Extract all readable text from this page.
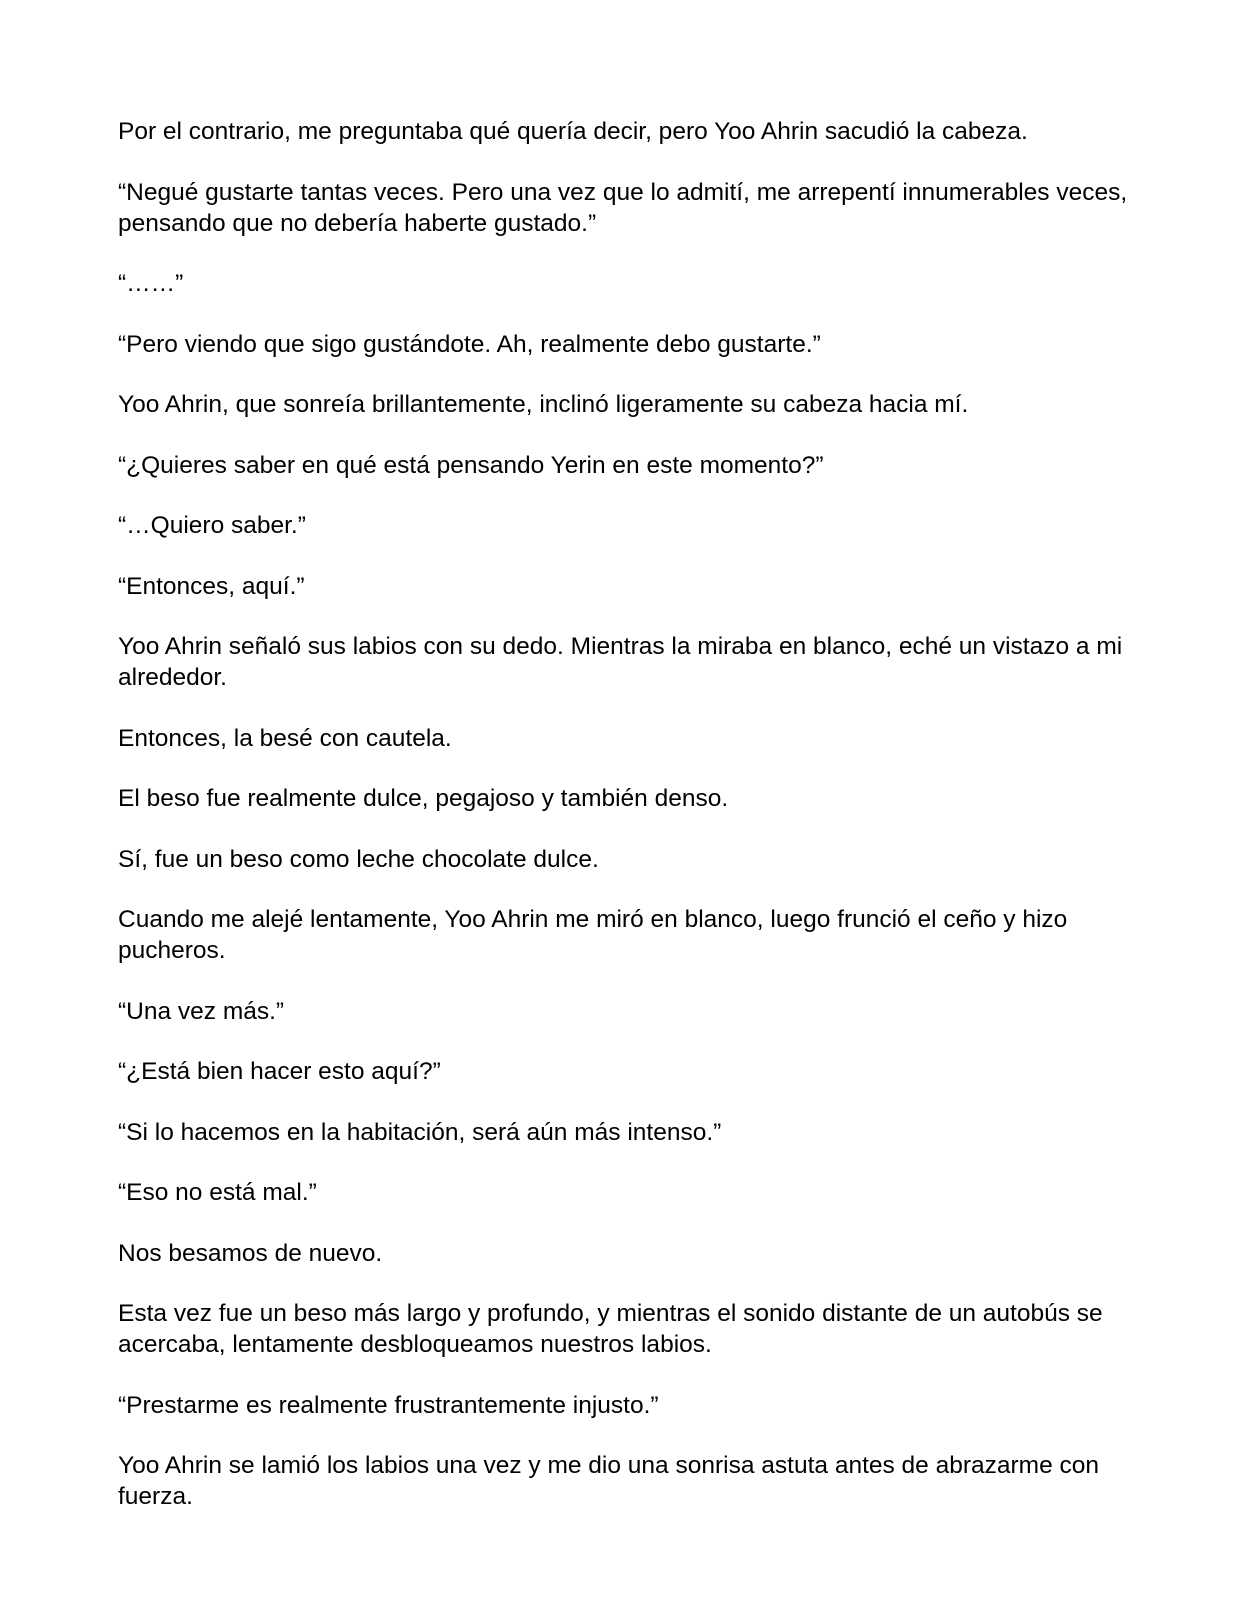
Por el contrario, me preguntaba qué quería decir, pero Yoo Ahrin sacudió la cabeza.

“Negué gustarte tantas veces. Pero una vez que lo admití, me arrepentí innumerables veces, pensando que no debería haberte gustado.”

“……”

“Pero viendo que sigo gustándote. Ah, realmente debo gustarte.”

Yoo Ahrin, que sonreía brillantemente, inclinó ligeramente su cabeza hacia mí.

“¿Quieres saber en qué está pensando Yerin en este momento?”

“…Quiero saber.”

“Entonces, aquí.”

Yoo Ahrin señaló sus labios con su dedo. Mientras la miraba en blanco, eché un vistazo a mi alrededor.

Entonces, la besé con cautela.

El beso fue realmente dulce, pegajoso y también denso.

Sí, fue un beso como leche chocolate dulce.

Cuando me alejé lentamente, Yoo Ahrin me miró en blanco, luego frunció el ceño y hizo pucheros.

“Una vez más.”

“¿Está bien hacer esto aquí?”

“Si lo hacemos en la habitación, será aún más intenso.”

“Eso no está mal.”

Nos besamos de nuevo.

Esta vez fue un beso más largo y profundo, y mientras el sonido distante de un autobús se acercaba, lentamente desbloqueamos nuestros labios.

“Prestarme es realmente frustrantemente injusto.”

Yoo Ahrin se lamió los labios una vez y me dio una sonrisa astuta antes de abrazarme con fuerza.
